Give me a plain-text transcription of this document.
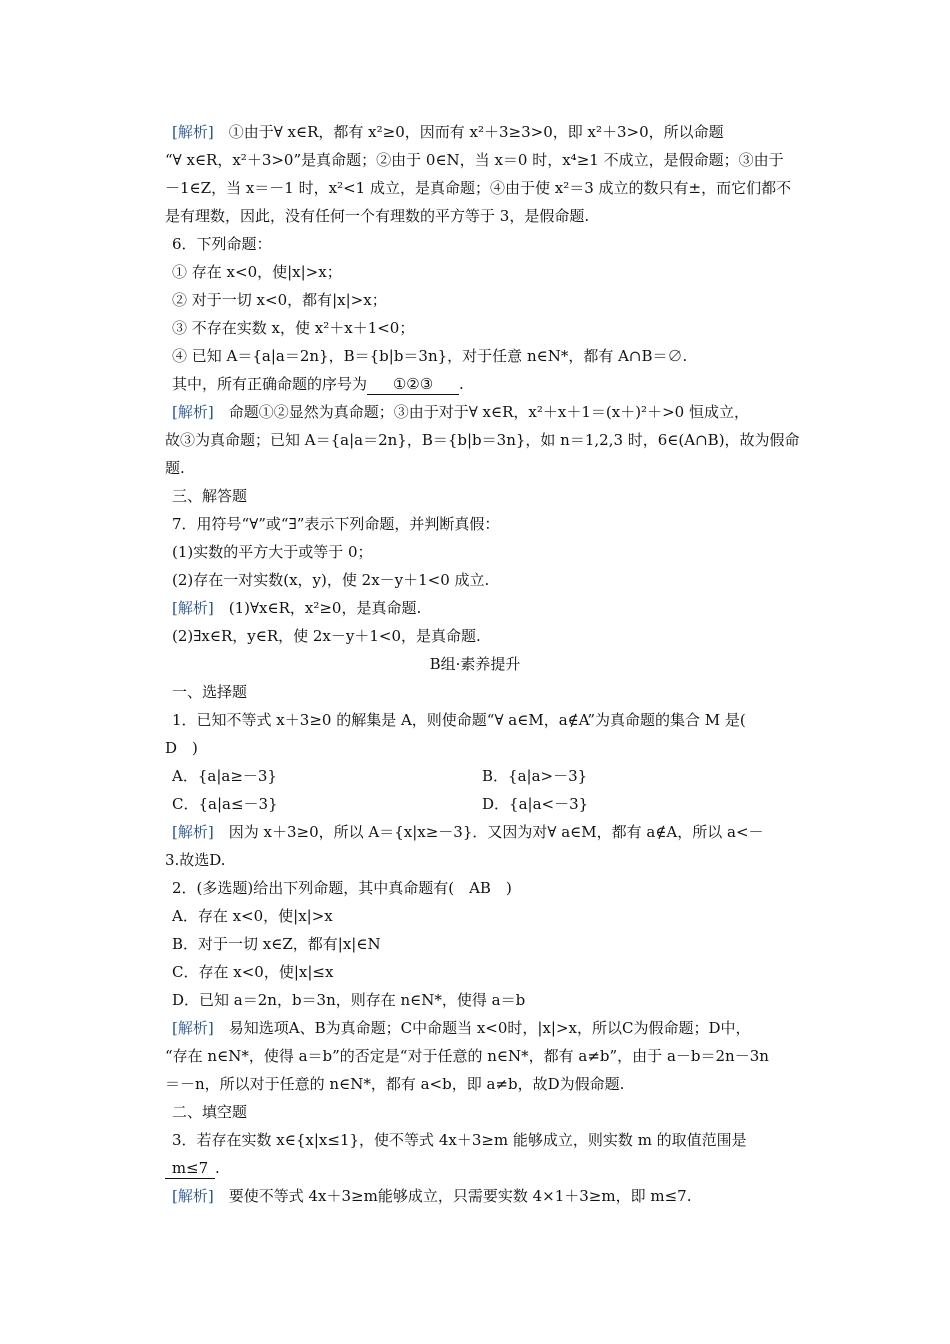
[解析]　 ①由于∀ x∈R，都有 x²≥0，因而有 x²＋3≥3>0，即 x²＋3>0，所以命题
“∀ x∈R，x²＋3>0”是真命题；②由于 0∈N，当 x＝0 时，x⁴≥1 不成立，是假命题；③由于
－1∈Z，当 x＝－1 时，x²<1 成立，是真命题；④由于使 x²＝3 成立的数只有±，而它们都不
是有理数，因此，没有任何一个有理数的平方等于 3，是假命题.
6．下列命题：
① 存在 x<0，使|x|>x；
② 对于一切 x<0，都有|x|>x；
③ 不存在实数 x，使 x²＋x＋1<0；
④ 已知 A＝{a|a＝2n}，B＝{b|b＝3n}，对于任意 n∈N*，都有 A∩B＝∅.
其中，所有正确命题的序号为 ①②③ .
[解析]　 命题①②显然为真命题；③由于对于∀ x∈R，x²＋x＋1＝(x＋)²＋>0 恒成立，
故③为真命题；已知 A＝{a|a＝2n}，B＝{b|b＝3n}，如 n＝1,2,3 时，6∈(A∩B)，故为假命
题.
三、解答题
7．用符号“∀”或“∃”表示下列命题，并判断真假：
(1)实数的平方大于或等于 0；
(2)存在一对实数(x，y)，使 2x－y＋1<0 成立.
[解析]　 (1)∀x∈R，x²≥0，是真命题.
(2)∃x∈R，y∈R，使 2x－y＋1<0，是真命题.
B组·素养提升
一、选择题
1．已知不等式 x＋3≥0 的解集是 A，则使命题“∀ a∈M，a∉A”为真命题的集合 M 是(
D　)
A．{a|a≥－3}	B．{a|a>－3}
C．{a|a≤－3}	D．{a|a<－3}
[解析]　 因为 x＋3≥0，所以 A＝{x|x≥－3}．又因为对∀ a∈M，都有 a∉A，所以 a<－
3.故选D.
2．(多选题)给出下列命题，其中真命题有(　AB　)
A．存在 x<0，使|x|>x
B．对于一切 x∈Z，都有|x|∈N
C．存在 x<0，使|x|≤x
D．已知 a＝2n，b＝3n，则存在 n∈N*，使得 a＝b
[解析]　 易知选项A、B为真命题；C中命题当 x<0时，|x|>x，所以C为假命题；D中，
“存在 n∈N*，使得 a＝b”的否定是“对于任意的 n∈N*，都有 a≠b”，由于 a－b＝2n－3n
＝－n，所以对于任意的 n∈N*，都有 a<b，即 a≠b，故D为假命题.
二、填空题
3．若存在实数 x∈{x|x≤1}，使不等式 4x＋3≥m 能够成立，则实数 m 的取值范围是
m≤7 .
[解析]　 要使不等式 4x＋3≥m能够成立，只需要实数 4×1＋3≥m，即 m≤7.
